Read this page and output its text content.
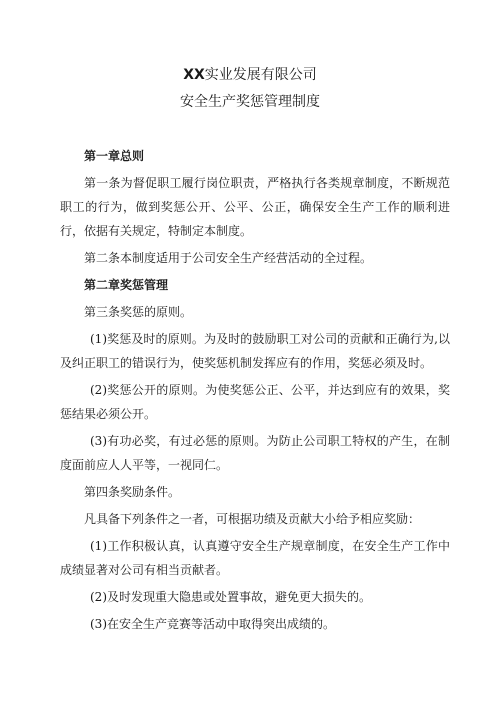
XX实业发展有限公司
安全生产奖惩管理制度

第一章总则

第一条为督促职工履行岗位职责，严格执行各类规章制度，不断规范职工的行为，做到奖惩公开、公平、公正，确保安全生产工作的顺利进行，依据有关规定，特制定本制度。

第二条本制度适用于公司安全生产经营活动的全过程。

第二章奖惩管理

第三条奖惩的原则。

(1)奖惩及时的原则。为及时的鼓励职工对公司的贡献和正确行为,以及纠正职工的错误行为，使奖惩机制发挥应有的作用，奖惩必须及时。

(2)奖惩公开的原则。为使奖惩公正、公平，并达到应有的效果，奖惩结果必须公开。

(3)有功必奖，有过必惩的原则。为防止公司职工特权的产生，在制度面前应人人平等，一视同仁。

第四条奖励条件。

凡具备下列条件之一者，可根据功绩及贡献大小给予相应奖励：

(1)工作积极认真，认真遵守安全生产规章制度，在安全生产工作中成绩显著对公司有相当贡献者。

(2)及时发现重大隐患或处置事故，避免更大损失的。

(3)在安全生产竞赛等活动中取得突出成绩的。
